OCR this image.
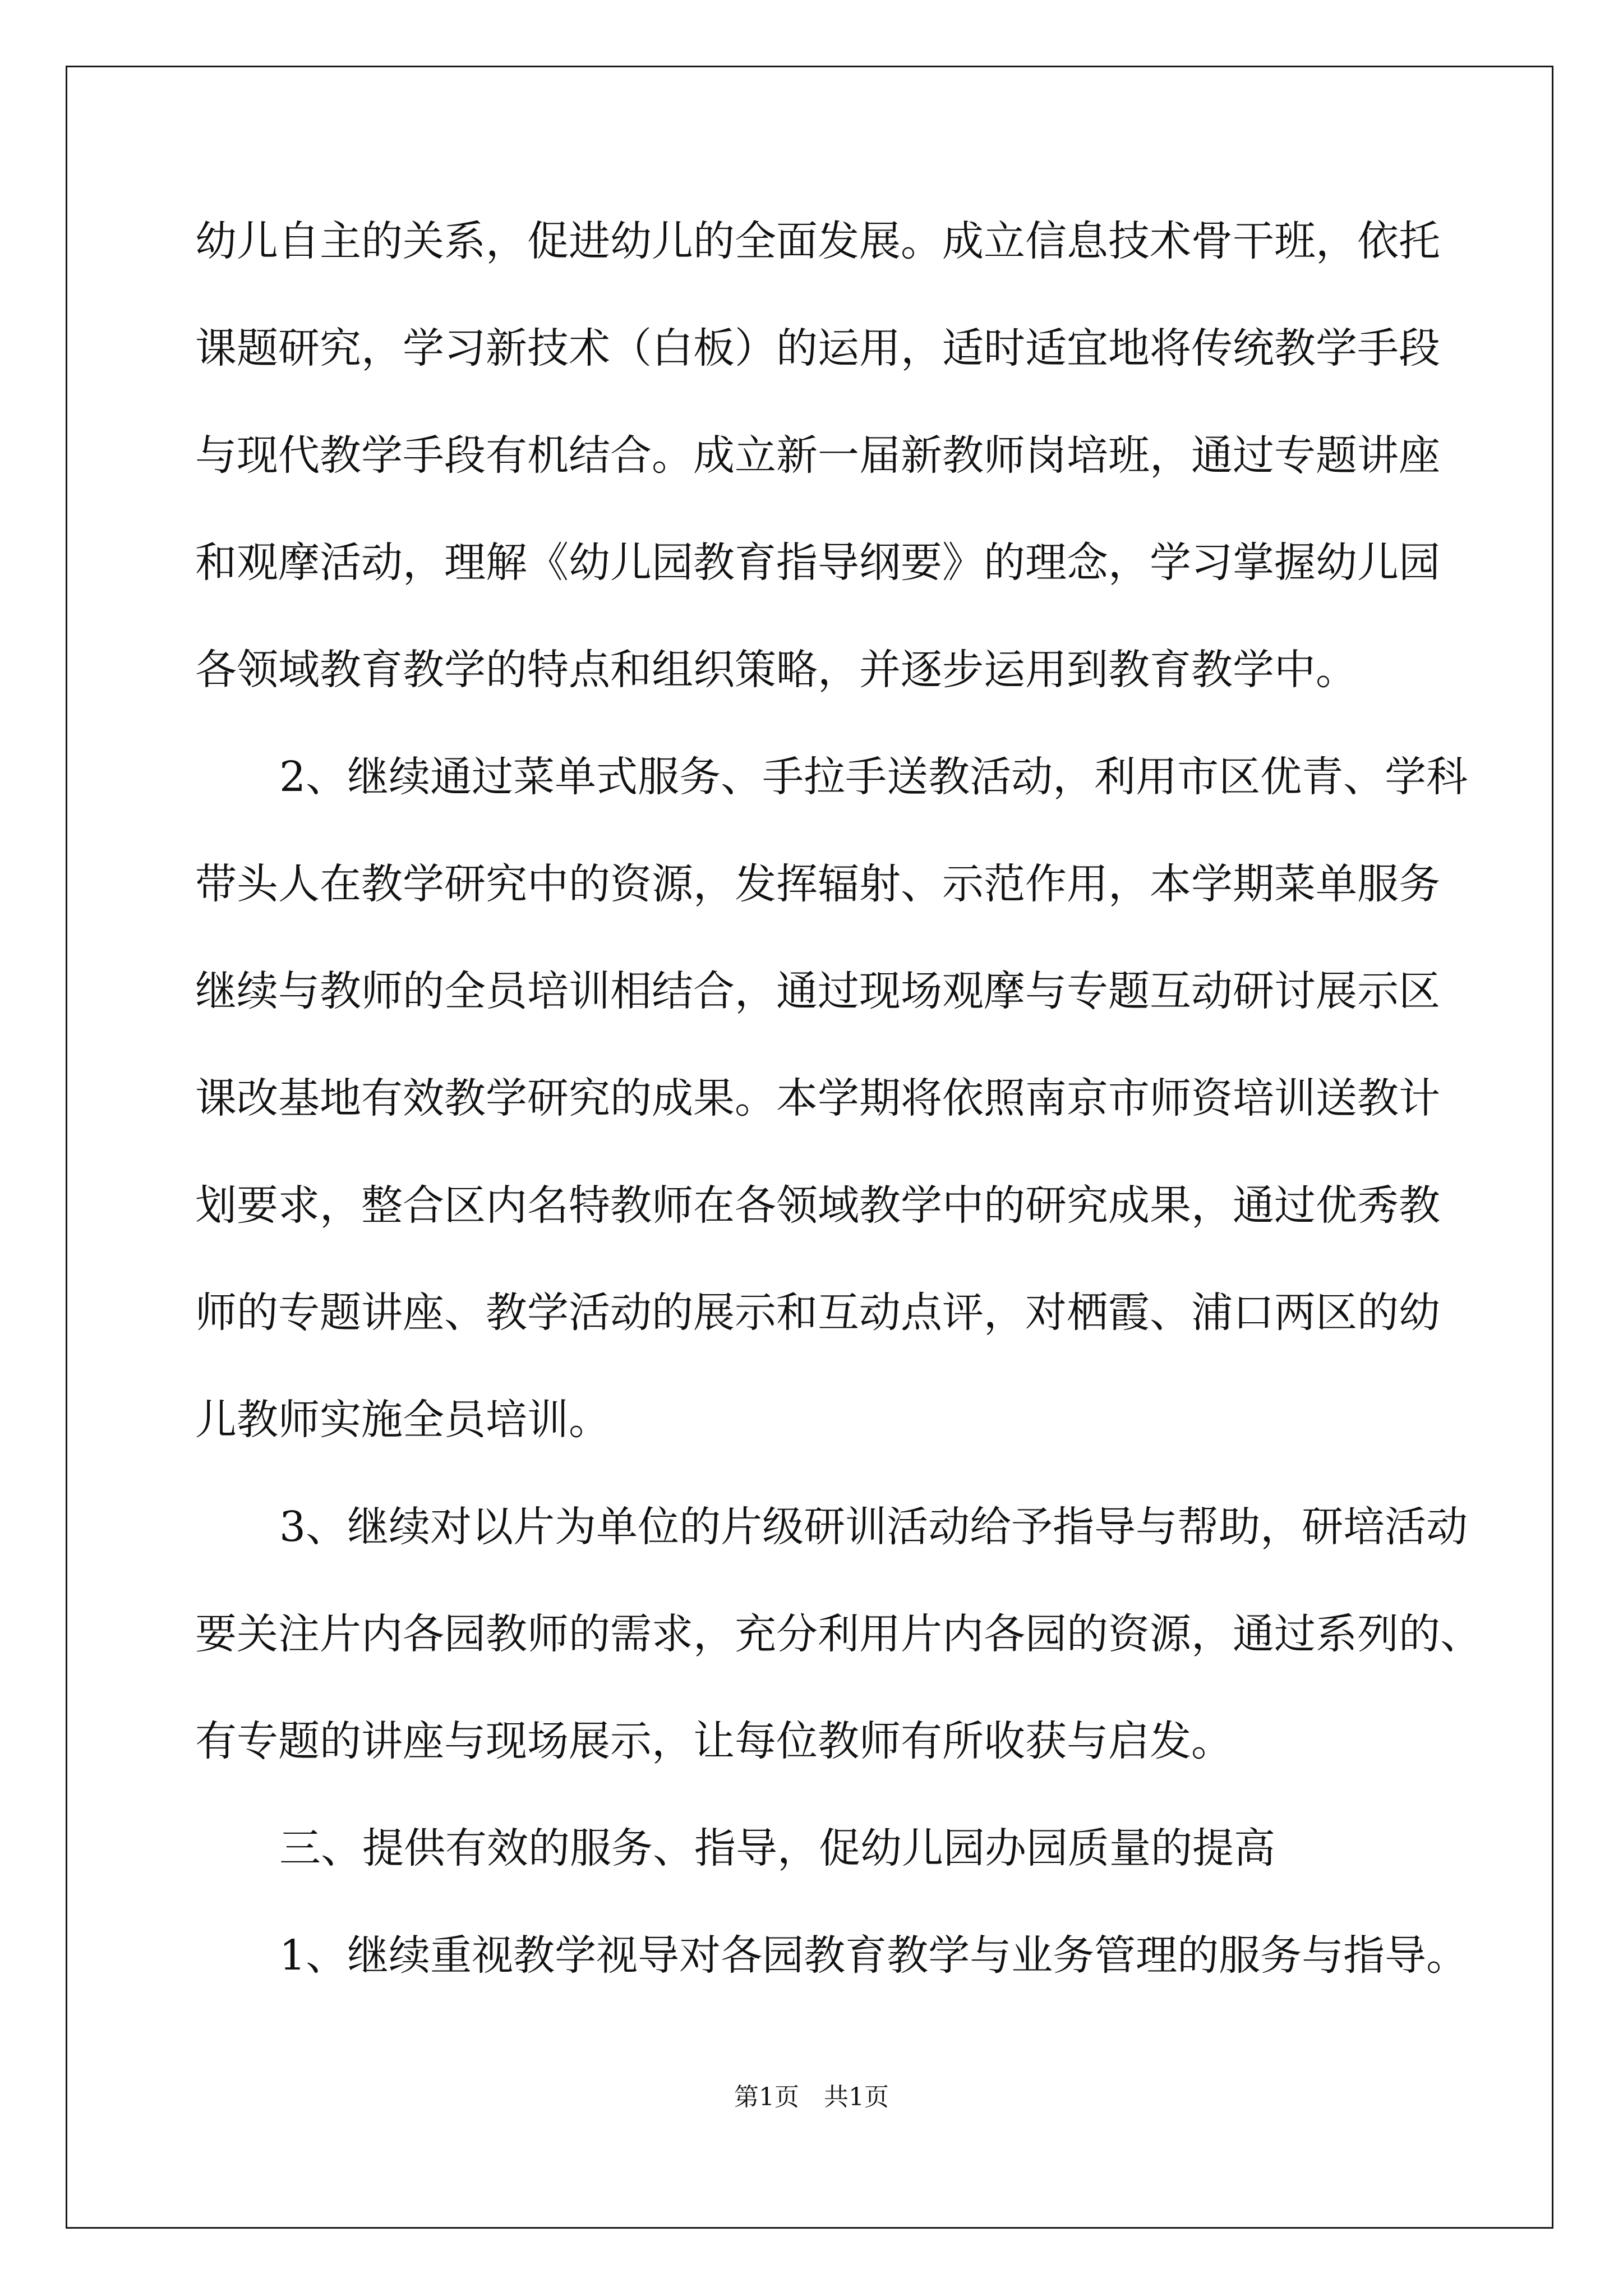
幼儿自主的关系，促进幼儿的全面发展。成立信息技术骨干班，依托

课题研究，学习新技术（白板）的运用，适时适宜地将传统教学手段

与现代教学手段有机结合。成立新一届新教师岗培班，通过专题讲座

和观摩活动，理解《幼儿园教育指导纲要》的理念，学习掌握幼儿园

各领域教育教学的特点和组织策略，并逐步运用到教育教学中。

2、继续通过菜单式服务、手拉手送教活动，利用市区优青、学科

带头人在教学研究中的资源，发挥辐射、示范作用，本学期菜单服务

继续与教师的全员培训相结合，通过现场观摩与专题互动研讨展示区

课改基地有效教学研究的成果。本学期将依照南京市师资培训送教计

划要求，整合区内名特教师在各领域教学中的研究成果，通过优秀教

师的专题讲座、教学活动的展示和互动点评，对栖霞、浦口两区的幼

儿教师实施全员培训。

3、继续对以片为单位的片级研训活动给予指导与帮助，研培活动

要关注片内各园教师的需求，充分利用片内各园的资源，通过系列的、

有专题的讲座与现场展示，让每位教师有所收获与启发。

三、提供有效的服务、指导，促幼儿园办园质量的提高

1、继续重视教学视导对各园教育教学与业务管理的服务与指导。

第1页　共1页
